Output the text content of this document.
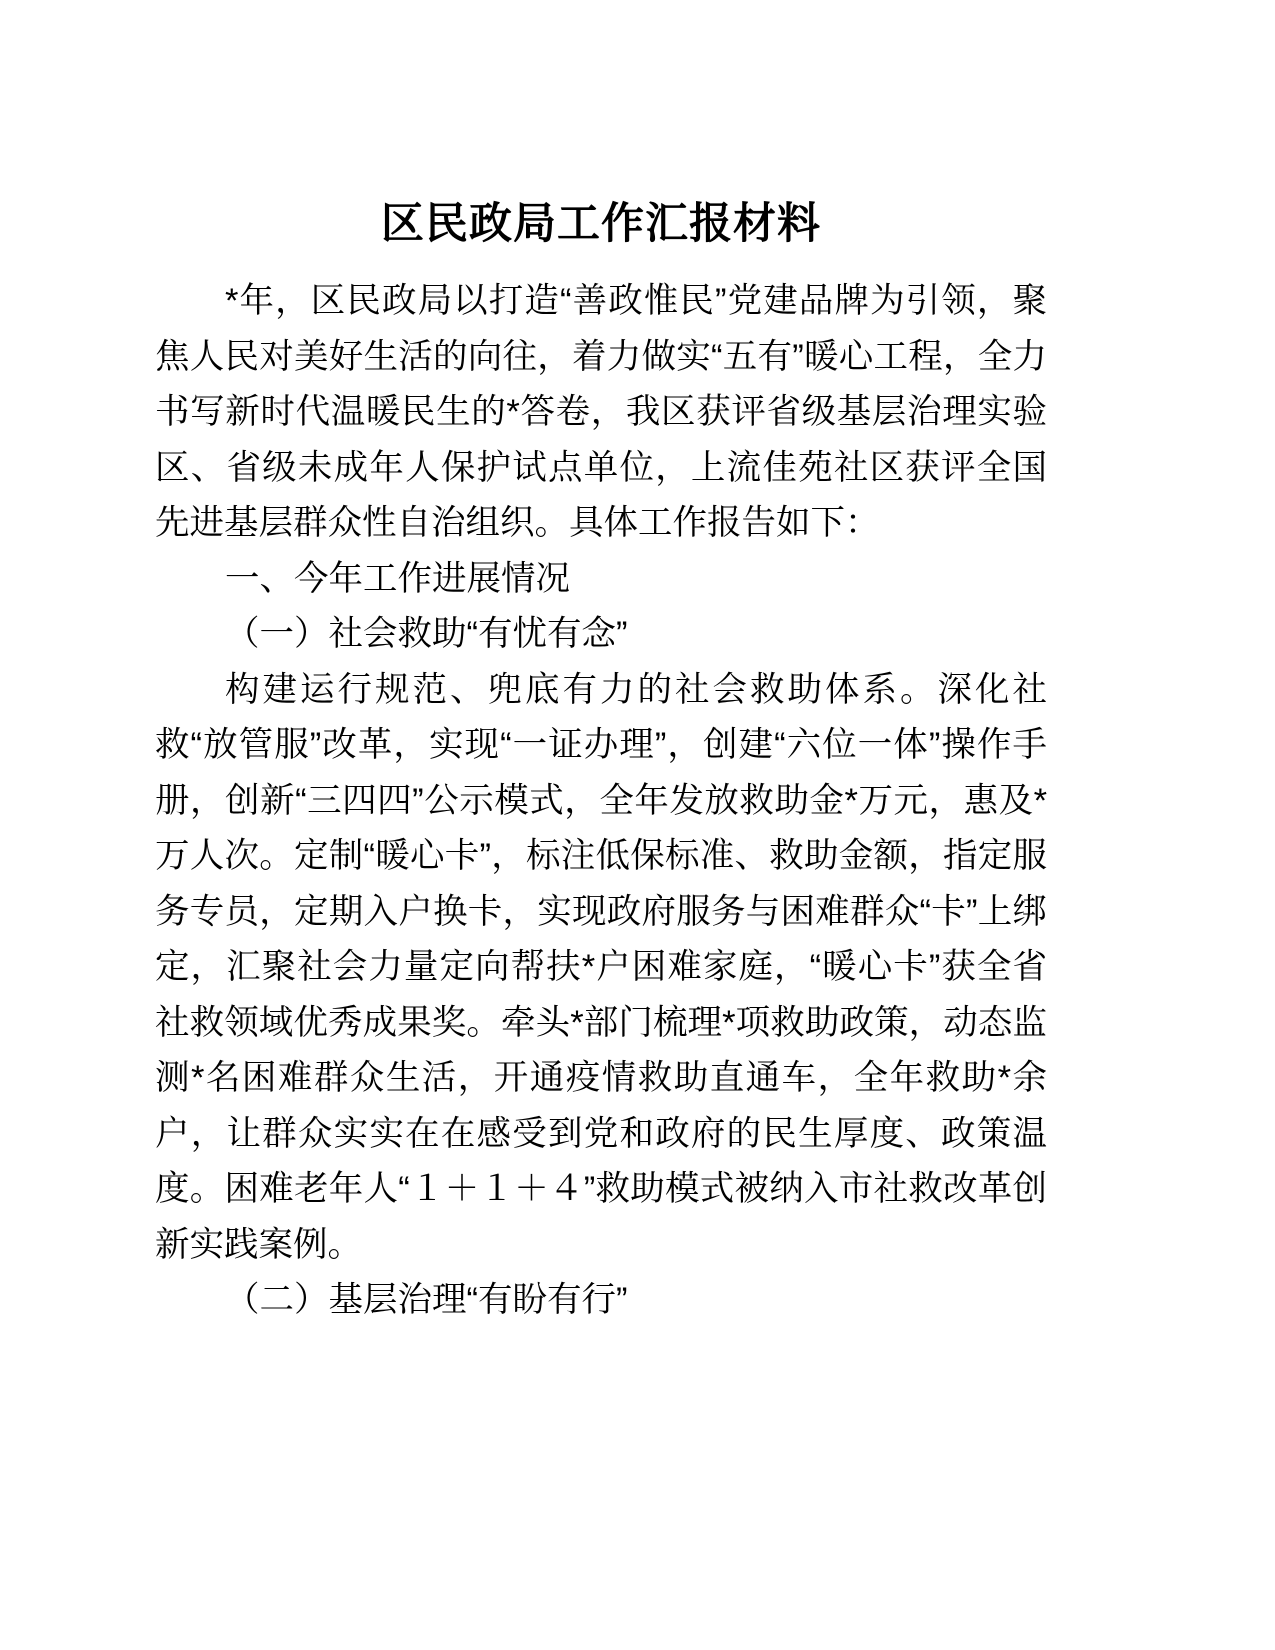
区民政局工作汇报材料

*年，区民政局以打造“善政惟民”党建品牌为引领，聚焦人民对美好生活的向往，着力做实“五有”暖心工程，全力书写新时代温暖民生的*答卷，我区获评省级基层治理实验区、省级未成年人保护试点单位，上流佳苑社区获评全国先进基层群众性自治组织。具体工作报告如下：

一、今年工作进展情况

（一）社会救助“有忧有念”

构建运行规范、兜底有力的社会救助体系。深化社救“放管服”改革，实现“一证办理”，创建“六位一体”操作手册，创新“三四四”公示模式，全年发放救助金*万元，惠及*万人次。定制“暖心卡”，标注低保标准、救助金额，指定服务专员，定期入户换卡，实现政府服务与困难群众“卡”上绑定，汇聚社会力量定向帮扶*户困难家庭，“暖心卡”获全省社救领域优秀成果奖。牵头*部门梳理*项救助政策，动态监测*名困难群众生活，开通疫情救助直通车，全年救助*余户，让群众实实在在感受到党和政府的民生厚度、政策温度。困难老年人“１＋１＋４”救助模式被纳入市社救改革创新实践案例。

（二）基层治理“有盼有行”
